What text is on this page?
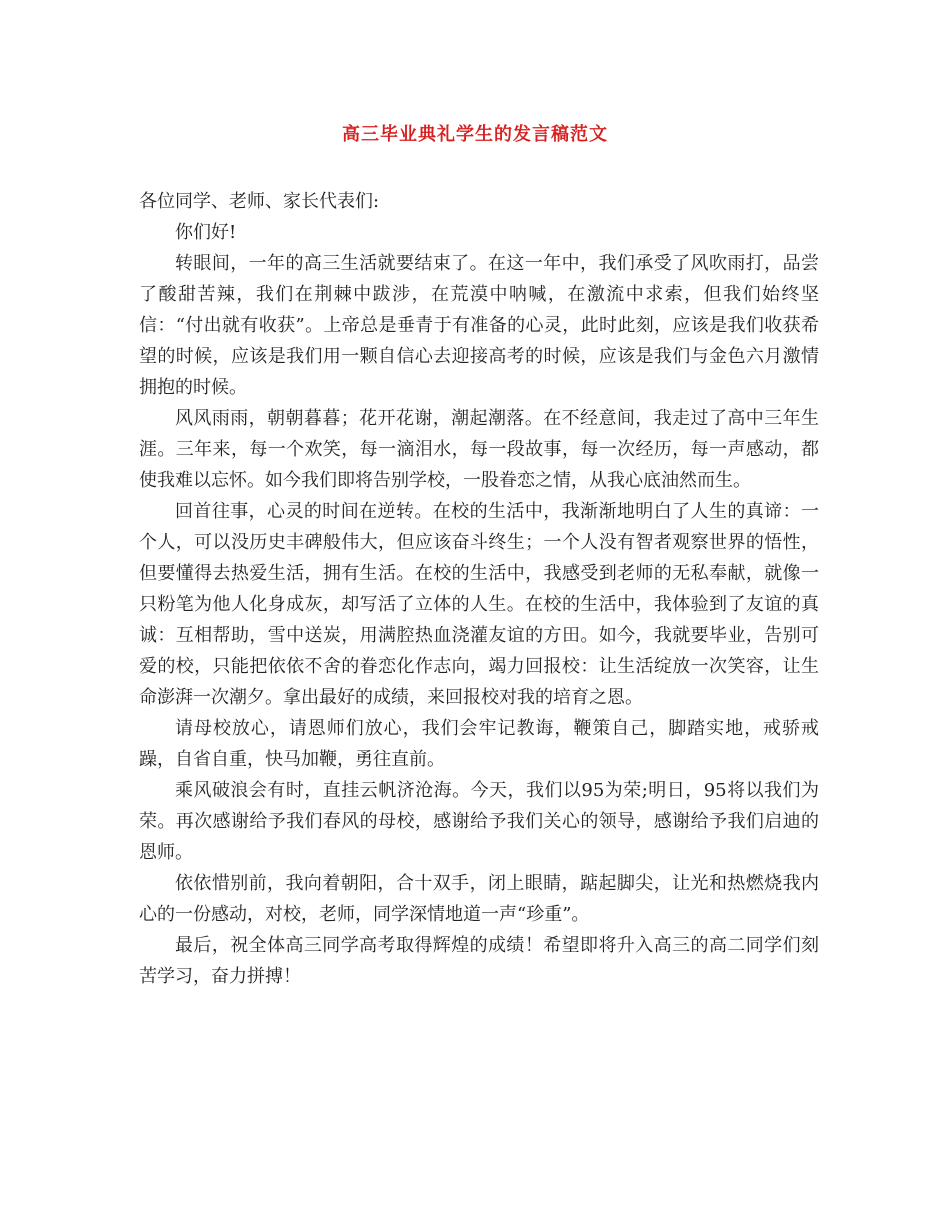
高三毕业典礼学生的发言稿范文

各位同学、老师、家长代表们:

你们好!

转眼间，一年的高三生活就要结束了。在这一年中，我们承受了风吹雨打，品尝了酸甜苦辣，我们在荆棘中跋涉，在荒漠中呐喊，在激流中求索，但我们始终坚信：“付出就有收获”。上帝总是垂青于有准备的心灵，此时此刻，应该是我们收获希望的时候，应该是我们用一颗自信心去迎接高考的时候，应该是我们与金色六月激情拥抱的时候。

风风雨雨，朝朝暮暮；花开花谢，潮起潮落。在不经意间，我走过了高中三年生涯。三年来，每一个欢笑，每一滴泪水，每一段故事，每一次经历，每一声感动，都使我难以忘怀。如今我们即将告别学校，一股眷恋之情，从我心底油然而生。

回首往事，心灵的时间在逆转。在校的生活中，我渐渐地明白了人生的真谛：一个人，可以没历史丰碑般伟大，但应该奋斗终生；一个人没有智者观察世界的悟性，但要懂得去热爱生活，拥有生活。在校的生活中，我感受到老师的无私奉献，就像一只粉笔为他人化身成灰，却写活了立体的人生。在校的生活中，我体验到了友谊的真诚：互相帮助，雪中送炭，用满腔热血浇灌友谊的方田。如今，我就要毕业，告别可爱的校，只能把依依不舍的眷恋化作志向，竭力回报校：让生活绽放一次笑容，让生命澎湃一次潮夕。拿出最好的成绩，来回报校对我的培育之恩。

请母校放心，请恩师们放心，我们会牢记教诲，鞭策自己，脚踏实地，戒骄戒躁，自省自重，快马加鞭，勇往直前。

乘风破浪会有时，直挂云帆济沧海。今天，我们以95为荣;明日，95将以我们为荣。再次感谢给予我们春风的母校，感谢给予我们关心的领导，感谢给予我们启迪的恩师。

依依惜别前，我向着朝阳，合十双手，闭上眼睛，踮起脚尖，让光和热燃烧我内心的一份感动，对校，老师，同学深情地道一声“珍重”。

最后，祝全体高三同学高考取得辉煌的成绩！希望即将升入高三的高二同学们刻苦学习，奋力拼搏！
